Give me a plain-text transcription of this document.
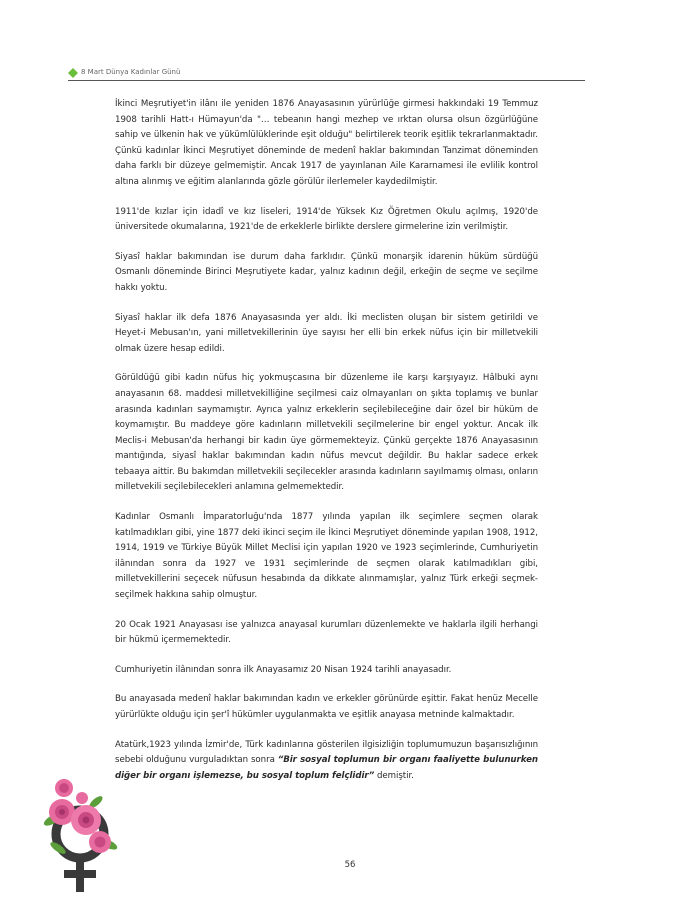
8 Mart Dünya Kadınlar Günü

İkinci Meşrutiyet'in ilânı ile yeniden 1876 Anayasasının yürürlüğe girmesi hakkındaki 19 Temmuz 1908 tarihli Hatt-ı Hümayun'da "… tebeanın hangi mezhep ve ırktan olursa olsun özgürlüğüne sahip ve ülkenin hak ve yükümlülüklerinde eşit olduğu" belirtilerek teorik eşitlik tekrarlanmaktadır. Çünkü kadınlar İkinci Meşrutiyet döneminde de medenî haklar bakımından Tanzimat döneminden daha farklı bir düzeye gelmemiştir. Ancak 1917 de yayınlanan Aile Kararnamesi ile evlilik kontrol altına alınmış ve eğitim alanlarında gözle görülür ilerlemeler kaydedilmiştir.

1911'de kızlar için idadî ve kız liseleri, 1914'de Yüksek Kız Öğretmen Okulu açılmış, 1920'de üniversitede okumalarına, 1921'de de erkeklerle birlikte derslere girmelerine izin verilmiştir.

Siyasî haklar bakımından ise durum daha farklıdır. Çünkü monarşik idarenin hüküm sürdüğü Osmanlı döneminde Birinci Meşrutiyete kadar, yalnız kadının değil, erkeğin de seçme ve seçilme hakkı yoktu.

Siyasî haklar ilk defa 1876 Anayasasında yer aldı. İki meclisten oluşan bir sistem getirildi ve Heyet-i Mebusan'ın, yani milletvekillerinin üye sayısı her elli bin erkek nüfus için bir milletvekili olmak üzere hesap edildi.

Görüldüğü gibi kadın nüfus hiç yokmuşcasına bir düzenleme ile karşı karşıyayız. Hâlbuki aynı anayasanın 68. maddesi milletvekilliğine seçilmesi caiz olmayanları on şıkta toplamış ve bunlar arasında kadınları saymamıştır. Ayrıca yalnız erkeklerin seçilebileceğine dair özel bir hüküm de koymamıştır. Bu maddeye göre kadınların milletvekili seçilmelerine bir engel yoktur. Ancak ilk Meclis-i Mebusan'da herhangi bir kadın üye görmemekteyiz. Çünkü gerçekte 1876 Anayasasının mantığında, siyasî haklar bakımından kadın nüfus mevcut değildir. Bu haklar sadece erkek tebaaya aittir. Bu bakımdan milletvekili seçilecekler arasında kadınların sayılmamış olması, onların milletvekili seçilebilecekleri anlamına gelmemektedir.

Kadınlar Osmanlı İmparatorluğu'nda 1877 yılında yapılan ilk seçimlere seçmen olarak katılmadıkları gibi, yine 1877 deki ikinci seçim ile İkinci Meşrutiyet döneminde yapılan 1908, 1912, 1914, 1919 ve Türkiye Büyük Millet Meclisi için yapılan 1920 ve 1923 seçimlerinde, Cumhuriyetin ilânından sonra da 1927 ve 1931 seçimlerinde de seçmen olarak katılmadıkları gibi, milletvekillerini seçecek nüfusun hesabında da dikkate alınmamışlar, yalnız Türk erkeği seçmek-seçilmek hakkına sahip olmuştur.

20 Ocak 1921 Anayasası ise yalnızca anayasal kurumları düzenlemekte ve haklarla ilgili herhangi bir hükmü içermemektedir.

Cumhuriyetin ilânından sonra ilk Anayasamız 20 Nisan 1924 tarihli anayasadır.

Bu anayasada medenî haklar bakımından kadın ve erkekler görünürde eşittir. Fakat henüz Mecelle yürürlükte olduğu için şer'î hükümler uygulanmakta ve eşitlik anayasa metninde kalmaktadır.

Atatürk,1923 yılında İzmir'de, Türk kadınlarına gösterilen ilgisizliğin toplumumuzun başarısızlığının sebebi olduğunu vurguladıktan sonra “Bir sosyal toplumun bir organı faaliyette bulunurken diğer bir organı işlemezse, bu sosyal toplum felçlidir” demiştir.

56
